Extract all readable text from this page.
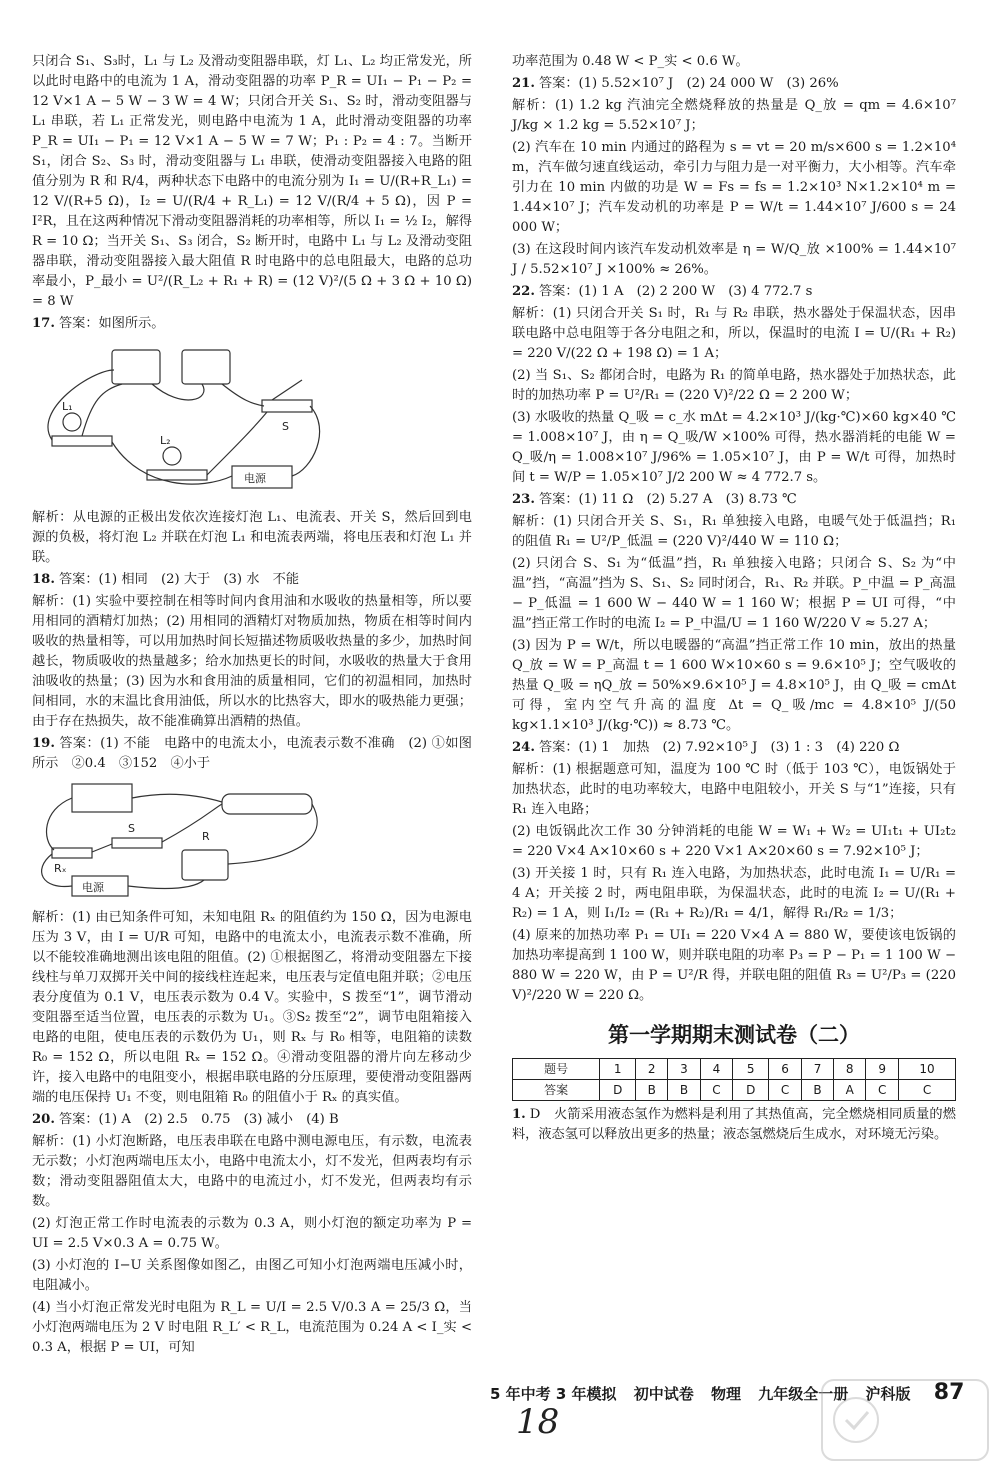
只闭合 S₁、S₃时，L₁ 与 L₂ 及滑动变阻器串联，灯 L₁、L₂ 均正常发光，所以此时电路中的电流为 1 A，滑动变阻器的功率 P_R = UI₁ − P₁ − P₂ = 12 V×1 A − 5 W − 3 W = 4 W；只闭合开关 S₁、S₂ 时，滑动变阻器与 L₁ 串联，若 L₁ 正常发光，则电路中电流为 1 A，此时滑动变阻器的功率 P_R = UI₁ − P₁ = 12 V×1 A − 5 W = 7 W；P₁ : P₂ = 4 : 7。当断开 S₁，闭合 S₂、S₃ 时，滑动变阻器与 L₁ 串联，使滑动变阻器接入电路的阻值分别为 R 和 R/4，两种状态下电路中的电流分别为 I₁ = U/(R+R_L₁) = 12 V/(R+5 Ω)，I₂ = U/(R/4 + R_L₁) = 12 V/(R/4 + 5 Ω)，因 P = I²R，且在这两种情况下滑动变阻器消耗的功率相等，所以 I₁ = ½ I₂，解得 R = 10 Ω；当开关 S₁、S₃ 闭合，S₂ 断开时，电路中 L₁ 与 L₂ 及滑动变阻器串联，滑动变阻器接入最大阻值 R 时电路中的总电阻最大，电路的总功率最小，P_最小 = U²/(R_L₂ + R₁ + R) = (12 V)²/(5 Ω + 3 Ω + 10 Ω) = 8 W

17. 答案：如图所示。

L₁
L₂
S
电源

解析：从电源的正极出发依次连接灯泡 L₁、电流表、开关 S，然后回到电源的负极，将灯泡 L₂ 并联在灯泡 L₁ 和电流表两端，将电压表和灯泡 L₁ 并联。

18. 答案：(1) 相同　(2) 大于　(3) 水　不能

解析：(1) 实验中要控制在相等时间内食用油和水吸收的热量相等，所以要用相同的酒精灯加热；(2) 用相同的酒精灯对物质加热，物质在相等时间内吸收的热量相等，可以用加热时间长短描述物质吸收热量的多少，加热时间越长，物质吸收的热量越多；给水加热更长的时间，水吸收的热量大于食用油吸收的热量；(3) 因为水和食用油的质量相同，它们的初温相同，加热时间相同，水的末温比食用油低，所以水的比热容大，即水的吸热能力更强；由于存在热损失，故不能准确算出酒精的热值。

19. 答案：(1) 不能　电路中的电流太小，电流表示数不准确　(2) ①如图所示　②0.4　③152　④小于

S
R
Rₓ
电源

解析：(1) 由已知条件可知，未知电阻 Rₓ 的阻值约为 150 Ω，因为电源电压为 3 V，由 I = U/R 可知，电路中的电流太小，电流表示数不准确，所以不能较准确地测出该电阻的阻值。(2) ①根据图乙，将滑动变阻器左下接线柱与单刀双掷开关中间的接线柱连起来，电压表与定值电阻并联；②电压表分度值为 0.1 V，电压表示数为 0.4 V。实验中，S 拨至“1”，调节滑动变阻器至适当位置，电压表的示数为 U₁。③S₂ 拨至“2”，调节电阻箱接入电路的电阻，使电压表的示数仍为 U₁，则 Rₓ 与 R₀ 相等，电阻箱的读数 R₀ = 152 Ω，所以电阻 Rₓ = 152 Ω。④滑动变阻器的滑片向左移动少许，接入电路中的电阻变小，根据串联电路的分压原理，要使滑动变阻器两端的电压保持 U₁ 不变，则电阻箱 R₀ 的阻值小于 Rₓ 的真实值。

20. 答案：(1) A　(2) 2.5　0.75　(3) 减小　(4) B

解析：(1) 小灯泡断路，电压表串联在电路中测电源电压，有示数，电流表无示数；小灯泡两端电压太小，电路中电流太小，灯不发光，但两表均有示数；滑动变阻器阻值太大，电路中的电流过小，灯不发光，但两表均有示数。

(2) 灯泡正常工作时电流表的示数为 0.3 A，则小灯泡的额定功率为 P = UI = 2.5 V×0.3 A = 0.75 W。

(3) 小灯泡的 I−U 关系图像如图乙，由图乙可知小灯泡两端电压减小时，电阻减小。

(4) 当小灯泡正常发光时电阻为 R_L = U/I = 2.5 V/0.3 A = 25/3 Ω，当小灯泡两端电压为 2 V 时电阻 R_L′ < R_L，电流范围为 0.24 A < I_实 < 0.3 A，根据 P = UI，可知

功率范围为 0.48 W < P_实 < 0.6 W。

21. 答案：(1) 5.52×10⁷ J　(2) 24 000 W　(3) 26%

解析：(1) 1.2 kg 汽油完全燃烧释放的热量是 Q_放 = qm = 4.6×10⁷ J/kg × 1.2 kg = 5.52×10⁷ J；

(2) 汽车在 10 min 内通过的路程为 s = vt = 20 m/s×600 s = 1.2×10⁴ m，汽车做匀速直线运动，牵引力与阻力是一对平衡力，大小相等。汽车牵引力在 10 min 内做的功是 W = Fs = fs = 1.2×10³ N×1.2×10⁴ m = 1.44×10⁷ J；汽车发动机的功率是 P = W/t = 1.44×10⁷ J/600 s = 24 000 W；

(3) 在这段时间内该汽车发动机效率是 η = W/Q_放 ×100% = 1.44×10⁷ J / 5.52×10⁷ J ×100% ≈ 26%。

22. 答案：(1) 1 A　(2) 2 200 W　(3) 4 772.7 s

解析：(1) 只闭合开关 S₁ 时，R₁ 与 R₂ 串联，热水器处于保温状态，因串联电路中总电阻等于各分电阻之和，所以，保温时的电流 I = U/(R₁ + R₂) = 220 V/(22 Ω + 198 Ω) = 1 A；

(2) 当 S₁、S₂ 都闭合时，电路为 R₁ 的简单电路，热水器处于加热状态，此时的加热功率 P = U²/R₁ = (220 V)²/22 Ω = 2 200 W；

(3) 水吸收的热量 Q_吸 = c_水 mΔt = 4.2×10³ J/(kg·℃)×60 kg×40 ℃ = 1.008×10⁷ J，由 η = Q_吸/W ×100% 可得，热水器消耗的电能 W = Q_吸/η = 1.008×10⁷ J/96% = 1.05×10⁷ J，由 P = W/t 可得，加热时间 t = W/P = 1.05×10⁷ J/2 200 W ≈ 4 772.7 s。

23. 答案：(1) 11 Ω　(2) 5.27 A　(3) 8.73 ℃

解析：(1) 只闭合开关 S、S₁，R₁ 单独接入电路，电暖气处于低温挡；R₁ 的阻值 R₁ = U²/P_低温 = (220 V)²/440 W = 110 Ω；

(2) 只闭合 S、S₁ 为“低温”挡，R₁ 单独接入电路；只闭合 S、S₂ 为“中温”挡，“高温”挡为 S、S₁、S₂ 同时闭合，R₁、R₂ 并联。P_中温 = P_高温 − P_低温 = 1 600 W − 440 W = 1 160 W；根据 P = UI 可得，“中温”挡正常工作时的电流 I₂ = P_中温/U = 1 160 W/220 V ≈ 5.27 A；

(3) 因为 P = W/t，所以电暖器的“高温”挡正常工作 10 min，放出的热量 Q_放 = W = P_高温 t = 1 600 W×10×60 s = 9.6×10⁵ J；空气吸收的热量 Q_吸 = ηQ_放 = 50%×9.6×10⁵ J = 4.8×10⁵ J，由 Q_吸 = cmΔt 可得，室内空气升高的温度 Δt = Q_吸/mc = 4.8×10⁵ J/(50 kg×1.1×10³ J/(kg·℃)) ≈ 8.73 ℃。

24. 答案：(1) 1　加热　(2) 7.92×10⁵ J　(3) 1 : 3　(4) 220 Ω

解析：(1) 根据题意可知，温度为 100 ℃ 时（低于 103 ℃），电饭锅处于加热状态，此时的电功率较大，电路中电阻较小，开关 S 与“1”连接，只有 R₁ 连入电路；

(2) 电饭锅此次工作 30 分钟消耗的电能 W = W₁ + W₂ = UI₁t₁ + UI₂t₂ = 220 V×4 A×10×60 s + 220 V×1 A×20×60 s = 7.92×10⁵ J；

(3) 开关接 1 时，只有 R₁ 连入电路，为加热状态，此时电流 I₁ = U/R₁ = 4 A；开关接 2 时，两电阻串联，为保温状态，此时的电流 I₂ = U/(R₁ + R₂) = 1 A，则 I₁/I₂ = (R₁ + R₂)/R₁ = 4/1，解得 R₁/R₂ = 1/3；

(4) 原来的加热功率 P₁ = UI₁ = 220 V×4 A = 880 W，要使该电饭锅的加热功率提高到 1 100 W，则并联电阻的功率 P₃ = P − P₁ = 1 100 W − 880 W = 220 W，由 P = U²/R 得，并联电阻的阻值 R₃ = U²/P₃ = (220 V)²/220 W = 220 Ω。

第一学期期末测试卷（二）
题号	1	2	3	4	5	6	7	8	9	10
答案	D	B	B	C	D	C	B	A	C	C

1. D　火箭采用液态氢作为燃料是利用了其热值高，完全燃烧相同质量的燃料，液态氢可以释放出更多的热量；液态氢燃烧后生成水，对环境无污染。

5 年中考 3 年模拟 初中试卷 物理 九年级全一册 沪科版 87
18
